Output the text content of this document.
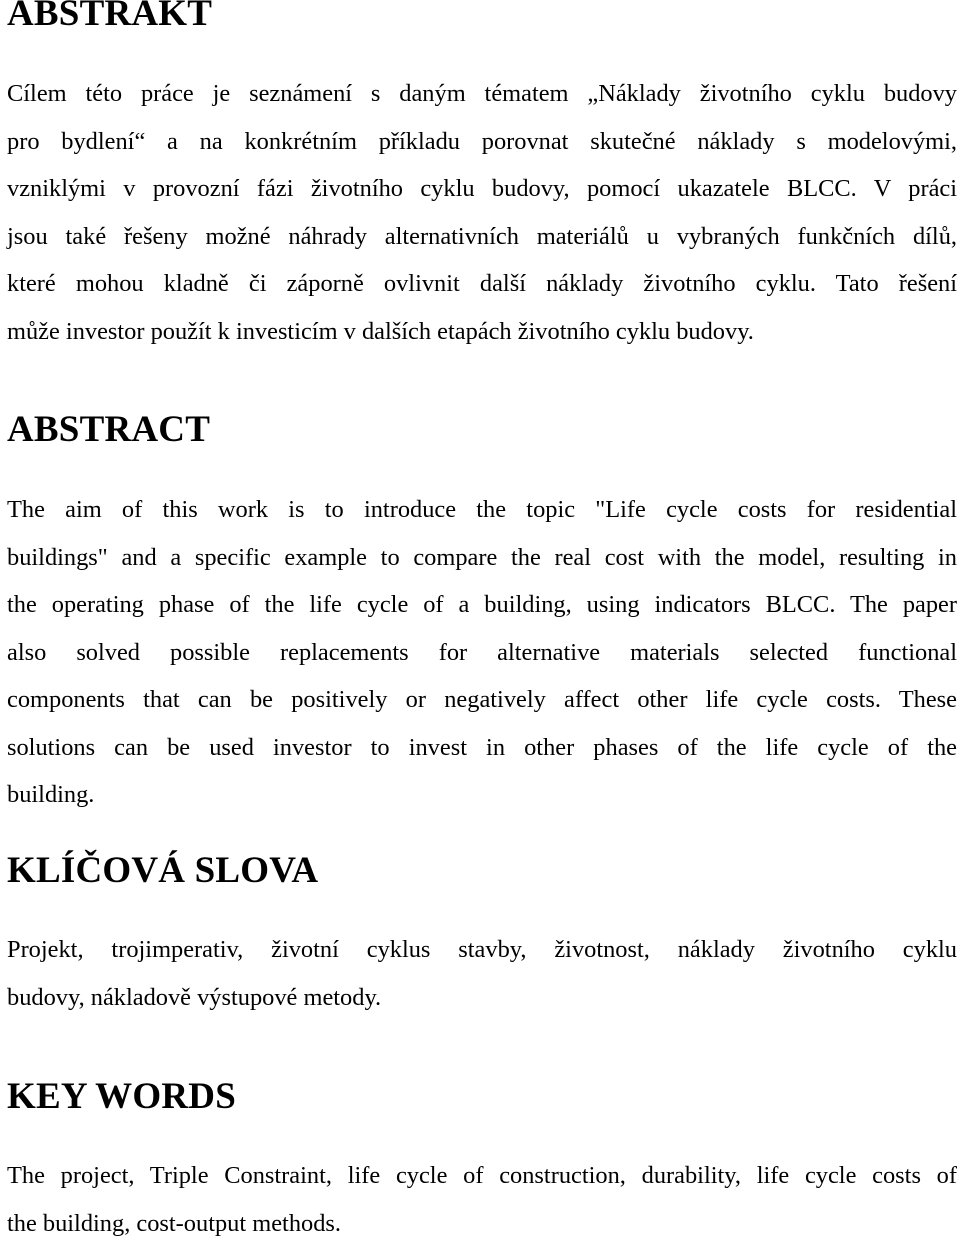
ABSTRAKT
Cílem této práce je seznámení s daným tématem „Náklady životního cyklu budovy
pro bydlení“ a na konkrétním příkladu porovnat skutečné náklady s modelovými,
vzniklými v provozní fázi životního cyklu budovy, pomocí ukazatele BLCC. V práci
jsou také řešeny možné náhrady alternativních materiálů u vybraných funkčních dílů,
které mohou kladně či záporně ovlivnit další náklady životního cyklu. Tato řešení
může investor použít k investicím v dalších etapách životního cyklu budovy.
ABSTRACT
The aim of this work is to introduce the topic "Life cycle costs for residential
buildings" and a specific example to compare the real cost with the model, resulting in
the operating phase of the life cycle of a building, using indicators BLCC. The paper
also solved possible replacements for alternative materials selected functional
components that can be positively or negatively affect other life cycle costs. These
solutions can be used investor to invest in other phases of the life cycle of the
building.
KLÍČOVÁ SLOVA
Projekt, trojimperativ, životní cyklus stavby, životnost, náklady životního cyklu
budovy, nákladově výstupové metody.
KEY WORDS
The project, Triple Constraint, life cycle of construction, durability, life cycle costs of
the building, cost-output methods.
